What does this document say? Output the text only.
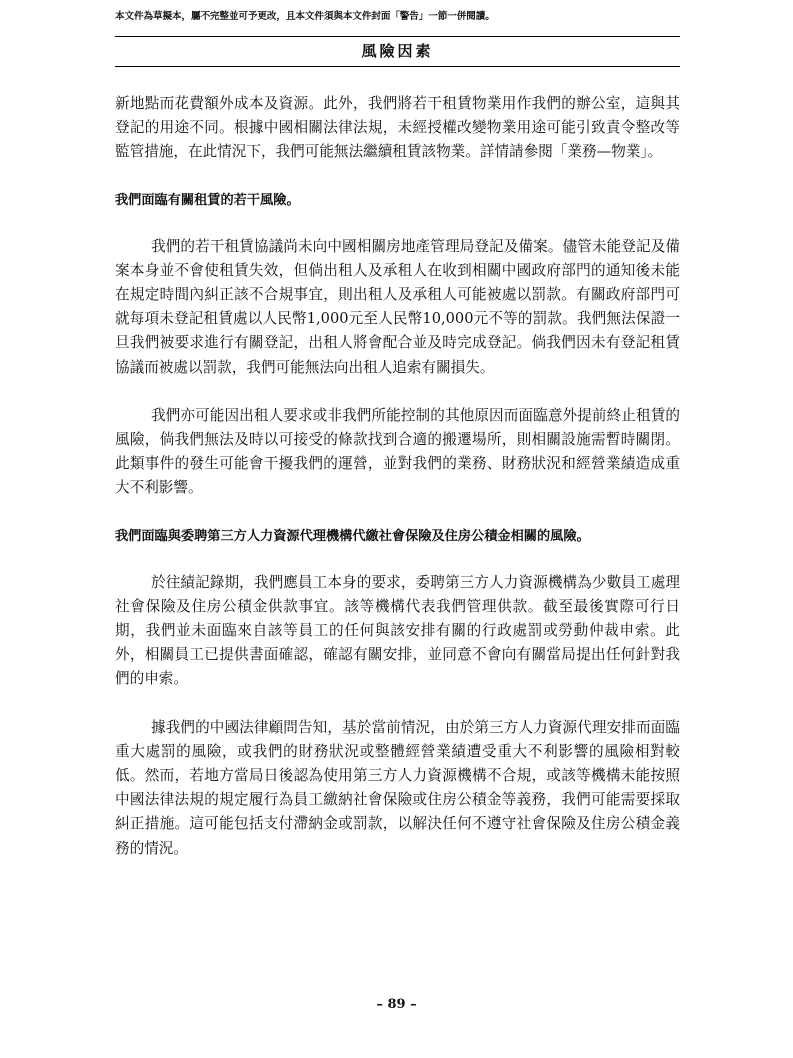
本文件為草擬本，屬不完整並可予更改，且本文件須與本文件封面「警告」一節一併閱讀。
風險因素

新地點而花費額外成本及資源。此外，我們將若干租賃物業用作我們的辦公室，這與其登記的用途不同。根據中國相關法律法規，未經授權改變物業用途可能引致責令整改等監管措施，在此情況下，我們可能無法繼續租賃該物業。詳情請參閱「業務—物業」。

我們面臨有關租賃的若干風險。

我們的若干租賃協議尚未向中國相關房地產管理局登記及備案。儘管未能登記及備案本身並不會使租賃失效，但倘出租人及承租人在收到相關中國政府部門的通知後未能在規定時間內糾正該不合規事宜，則出租人及承租人可能被處以罰款。有關政府部門可就每項未登記租賃處以人民幣1,000元至人民幣10,000元不等的罰款。我們無法保證一旦我們被要求進行有關登記，出租人將會配合並及時完成登記。倘我們因未有登記租賃協議而被處以罰款，我們可能無法向出租人追索有關損失。

我們亦可能因出租人要求或非我們所能控制的其他原因而面臨意外提前終止租賃的風險，倘我們無法及時以可接受的條款找到合適的搬遷場所，則相關設施需暫時關閉。此類事件的發生可能會干擾我們的運營，並對我們的業務、財務狀況和經營業績造成重大不利影響。

我們面臨與委聘第三方人力資源代理機構代繳社會保險及住房公積金相關的風險。

於往績記錄期，我們應員工本身的要求，委聘第三方人力資源機構為少數員工處理社會保險及住房公積金供款事宜。該等機構代表我們管理供款。截至最後實際可行日期，我們並未面臨來自該等員工的任何與該安排有關的行政處罰或勞動仲裁申索。此外，相關員工已提供書面確認，確認有關安排，並同意不會向有關當局提出任何針對我們的申索。

據我們的中國法律顧問告知，基於當前情況，由於第三方人力資源代理安排而面臨重大處罰的風險，或我們的財務狀況或整體經營業績遭受重大不利影響的風險相對較低。然而，若地方當局日後認為使用第三方人力資源機構不合規，或該等機構未能按照中國法律法規的規定履行為員工繳納社會保險或住房公積金等義務，我們可能需要採取糾正措施。這可能包括支付滯納金或罰款，以解決任何不遵守社會保險及住房公積金義務的情況。

– 89 –
